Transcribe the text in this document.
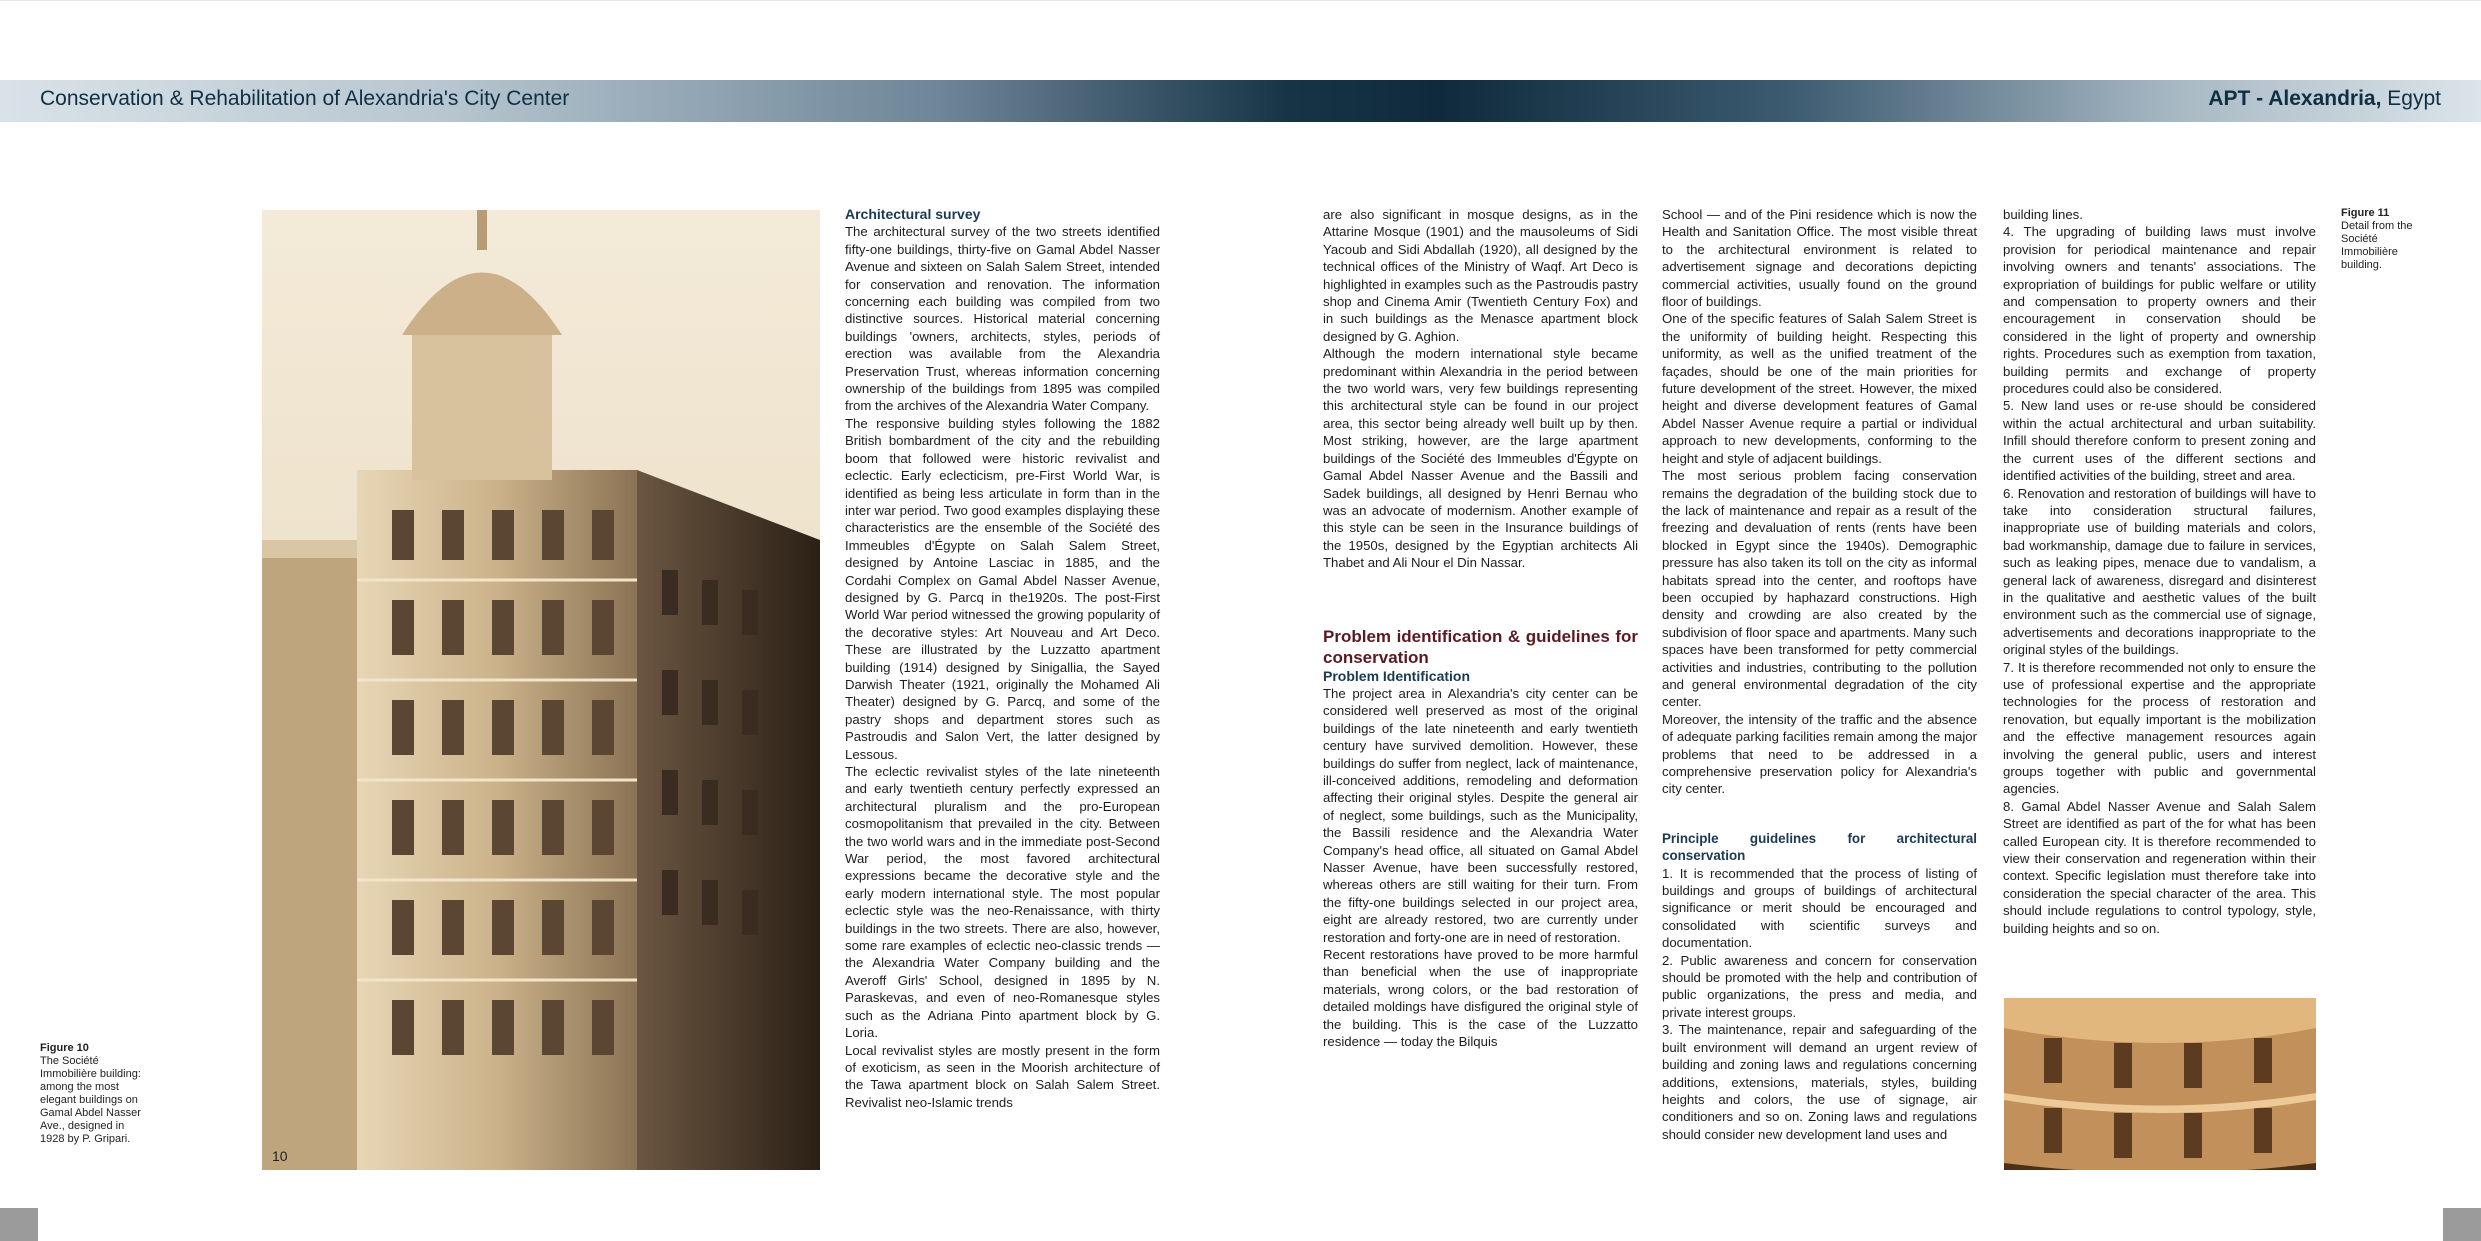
Conservation & Rehabilitation of Alexandria's City Center	APT - Alexandria, Egypt
10
Figure 10
The Société Immobilière building: among the most elegant buildings on Gamal Abdel Nasser Ave., designed in 1928 by P. Gripari.
Figure 11
Detail from the Société Immobilière building.

Architectural survey

The architectural survey of the two streets identified fifty-one buildings, thirty-five on Gamal Abdel Nasser Avenue and sixteen on Salah Salem Street, intended for conservation and renovation. The information concerning each building was compiled from two distinctive sources. Historical material concerning buildings 'owners, architects, styles, periods of erection was available from the Alexandria Preservation Trust, whereas information concerning ownership of the buildings from 1895 was compiled from the archives of the Alexandria Water Company.

The responsive building styles following the 1882 British bombardment of the city and the rebuilding boom that followed were historic revivalist and eclectic. Early eclecticism, pre-First World War, is identified as being less articulate in form than in the inter war period. Two good examples displaying these characteristics are the ensemble of the Société des Immeubles d'Égypte on Salah Salem Street, designed by Antoine Lasciac in 1885, and the Cordahi Complex on Gamal Abdel Nasser Avenue, designed by G. Parcq in the1920s. The post-First World War period witnessed the growing popularity of the decorative styles: Art Nouveau and Art Deco. These are illustrated by the Luzzatto apartment building (1914) designed by Sinigallia, the Sayed Darwish Theater (1921, originally the Mohamed Ali Theater) designed by G. Parcq, and some of the pastry shops and department stores such as Pastroudis and Salon Vert, the latter designed by Lessous.

The eclectic revivalist styles of the late nineteenth and early twentieth century perfectly expressed an architectural pluralism and the pro-European cosmopolitanism that prevailed in the city. Between the two world wars and in the immediate post-Second War period, the most favored architectural expressions became the decorative style and the early modern international style. The most popular eclectic style was the neo-Renaissance, with thirty buildings in the two streets. There are also, however, some rare examples of eclectic neo-classic trends — the Alexandria Water Company building and the Averoff Girls' School, designed in 1895 by N. Paraskevas, and even of neo-Romanesque styles such as the Adriana Pinto apartment block by G. Loria.

Local revivalist styles are mostly present in the form of exoticism, as seen in the Moorish architecture of the Tawa apartment block on Salah Salem Street. Revivalist neo-Islamic trends

are also significant in mosque designs, as in the Attarine Mosque (1901) and the mausoleums of Sidi Yacoub and Sidi Abdallah (1920), all designed by the technical offices of the Ministry of Waqf. Art Deco is highlighted in examples such as the Pastroudis pastry shop and Cinema Amir (Twentieth Century Fox) and in such buildings as the Menasce apartment block designed by G. Aghion.

Although the modern international style became predominant within Alexandria in the period between the two world wars, very few buildings representing this architectural style can be found in our project area, this sector being already well built up by then. Most striking, however, are the large apartment buildings of the Société des Immeubles d'Égypte on Gamal Abdel Nasser Avenue and the Bassili and Sadek buildings, all designed by Henri Bernau who was an advocate of modernism. Another example of this style can be seen in the Insurance buildings of the 1950s, designed by the Egyptian architects Ali Thabet and Ali Nour el Din Nassar.

Problem identification & guidelines for conservation

Problem Identification

The project area in Alexandria's city center can be considered well preserved as most of the original buildings of the late nineteenth and early twentieth century have survived demolition. However, these buildings do suffer from neglect, lack of maintenance, ill-conceived additions, remodeling and deformation affecting their original styles. Despite the general air of neglect, some buildings, such as the Municipality, the Bassili residence and the Alexandria Water Company's head office, all situated on Gamal Abdel Nasser Avenue, have been successfully restored, whereas others are still waiting for their turn. From the fifty-one buildings selected in our project area, eight are already restored, two are currently under restoration and forty-one are in need of restoration.

Recent restorations have proved to be more harmful than beneficial when the use of inappropriate materials, wrong colors, or the bad restoration of detailed moldings have disfigured the original style of the building. This is the case of the Luzzatto residence — today the Bilquis

School — and of the Pini residence which is now the Health and Sanitation Office. The most visible threat to the architectural environment is related to advertisement signage and decorations depicting commercial activities, usually found on the ground floor of buildings.

One of the specific features of Salah Salem Street is the uniformity of building height. Respecting this uniformity, as well as the unified treatment of the façades, should be one of the main priorities for future development of the street. However, the mixed height and diverse development features of Gamal Abdel Nasser Avenue require a partial or individual approach to new developments, conforming to the height and style of adjacent buildings.

The most serious problem facing conservation remains the degradation of the building stock due to the lack of maintenance and repair as a result of the freezing and devaluation of rents (rents have been blocked in Egypt since the 1940s). Demographic pressure has also taken its toll on the city as informal habitats spread into the center, and rooftops have been occupied by haphazard constructions. High density and crowding are also created by the subdivision of floor space and apartments. Many such spaces have been transformed for petty commercial activities and industries, contributing to the pollution and general environmental degradation of the city center.

Moreover, the intensity of the traffic and the absence of adequate parking facilities remain among the major problems that need to be addressed in a comprehensive preservation policy for Alexandria's city center.

Principle guidelines for architectural conservation

1. It is recommended that the process of listing of buildings and groups of buildings of architectural significance or merit should be encouraged and consolidated with scientific surveys and documentation.

2. Public awareness and concern for conservation should be promoted with the help and contribution of public organizations, the press and media, and private interest groups.

3. The maintenance, repair and safeguarding of the built environment will demand an urgent review of building and zoning laws and regulations concerning additions, extensions, materials, styles, building heights and colors, the use of signage, air conditioners and so on. Zoning laws and regulations should consider new development land uses and

building lines.

4. The upgrading of building laws must involve provision for periodical maintenance and repair involving owners and tenants' associations. The expropriation of buildings for public welfare or utility and compensation to property owners and their encouragement in conservation should be considered in the light of property and ownership rights. Procedures such as exemption from taxation, building permits and exchange of property procedures could also be considered.

5. New land uses or re-use should be considered within the actual architectural and urban suitability. Infill should therefore conform to present zoning and the current uses of the different sections and identified activities of the building, street and area.

6. Renovation and restoration of buildings will have to take into consideration structural failures, inappropriate use of building materials and colors, bad workmanship, damage due to failure in services, such as leaking pipes, menace due to vandalism, a general lack of awareness, disregard and disinterest in the qualitative and aesthetic values of the built environment such as the commercial use of signage, advertisements and decorations inappropriate to the original styles of the buildings.

7. It is therefore recommended not only to ensure the use of professional expertise and the appropriate technologies for the process of restoration and renovation, but equally important is the mobilization and the effective management resources again involving the general public, users and interest groups together with public and governmental agencies.

8. Gamal Abdel Nasser Avenue and Salah Salem Street are identified as part of the for what has been called European city. It is therefore recommended to view their conservation and regeneration within their context. Specific legislation must therefore take into consideration the special character of the area. This should include regulations to control typology, style, building heights and so on.
